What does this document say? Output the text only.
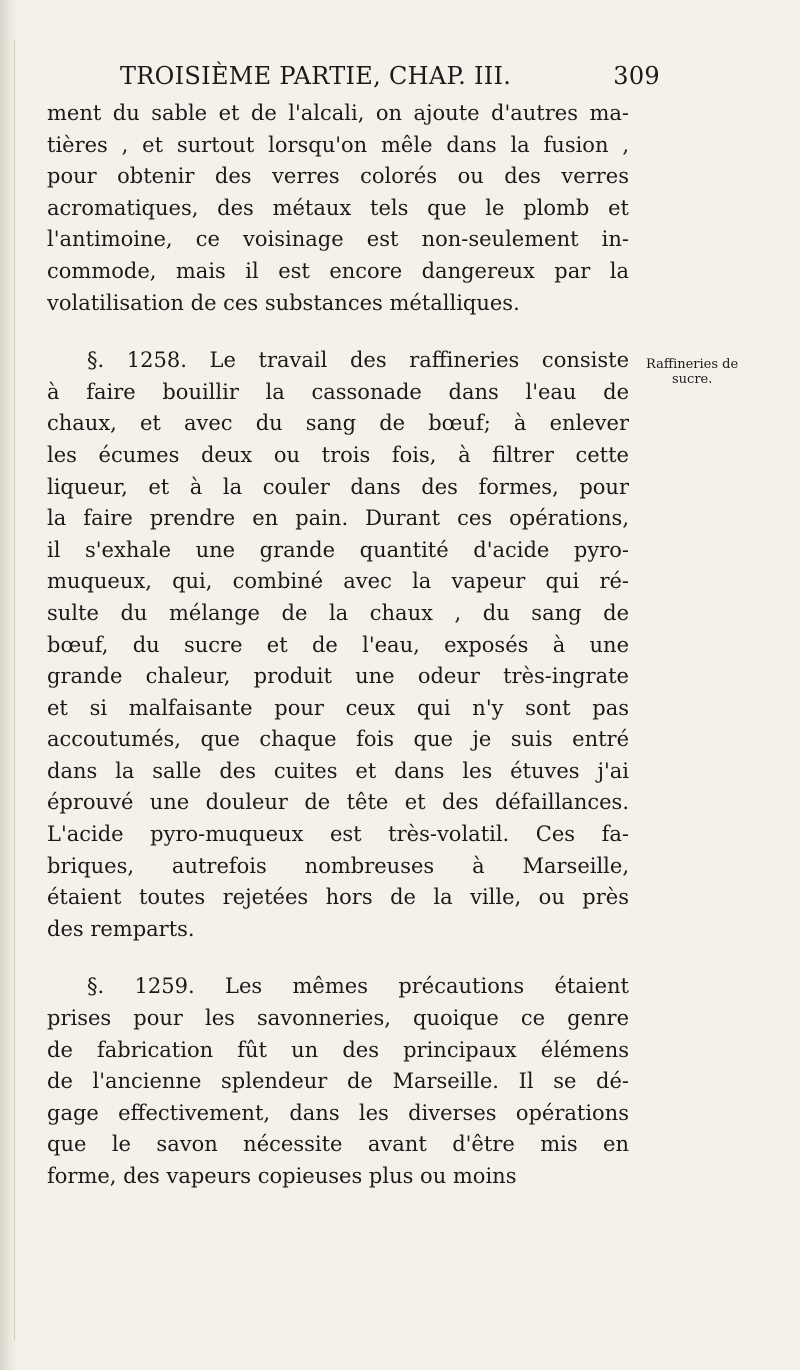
TROISIÈME PARTIE, CHAP. III.	309
ment du sable et de l'alcali, on ajoute d'autres ma-
tières , et surtout lorsqu'on mêle dans la fusion ,
pour obtenir des verres colorés ou des verres
acromatiques, des métaux tels que le plomb et
l'antimoine, ce voisinage est non-seulement in-
commode, mais il est encore dangereux par la
volatilisation de ces substances métalliques.
§. 1258. Le travail des raffineries consiste
à faire bouillir la cassonade dans l'eau de
chaux, et avec du sang de bœuf; à enlever
les écumes deux ou trois fois, à filtrer cette
liqueur, et à la couler dans des formes, pour
la faire prendre en pain. Durant ces opérations,
il s'exhale une grande quantité d'acide pyro-
muqueux, qui, combiné avec la vapeur qui ré-
sulte du mélange de la chaux , du sang de
bœuf, du sucre et de l'eau, exposés à une
grande chaleur, produit une odeur très-ingrate
et si malfaisante pour ceux qui n'y sont pas
accoutumés, que chaque fois que je suis entré
dans la salle des cuites et dans les étuves j'ai
éprouvé une douleur de tête et des défaillances.
L'acide pyro-muqueux est très-volatil. Ces fa-
briques, autrefois nombreuses à Marseille,
étaient toutes rejetées hors de la ville, ou près
des remparts.
§. 1259. Les mêmes précautions étaient
prises pour les savonneries, quoique ce genre
de fabrication fût un des principaux élémens
de l'ancienne splendeur de Marseille. Il se dé-
gage effectivement, dans les diverses opérations
que le savon nécessite avant d'être mis en
forme, des vapeurs copieuses plus ou moins
Raffineries de
sucre.
